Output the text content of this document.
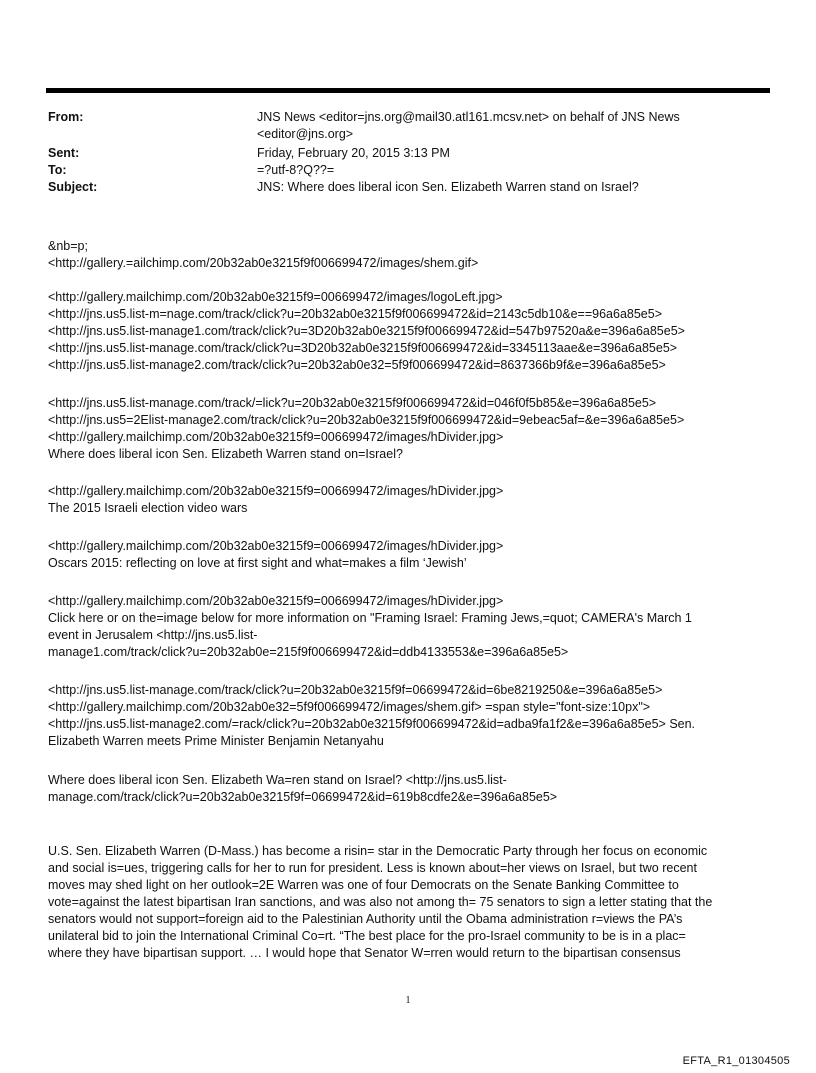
From:	JNS News <editor=jns.org@mail30.atl161.mcsv.net> on behalf of JNS News
<editor@jns.org>
Sent:	Friday, February 20, 2015 3:13 PM
To:	=?utf-8?Q??=
Subject:	JNS: Where does liberal icon Sen. Elizabeth Warren stand on Israel?
&nb=p;
<http://gallery.=ailchimp.com/20b32ab0e3215f9f006699472/images/shem.gif>
<http://gallery.mailchimp.com/20b32ab0e3215f9=006699472/images/logoLeft.jpg>
<http://jns.us5.list-m=nage.com/track/click?u=20b32ab0e3215f9f006699472&id=2143c5db10&e==96a6a85e5>
<http://jns.us5.list-manage1.com/track/click?u=3D20b32ab0e3215f9f006699472&id=547b97520a&e=396a6a85e5>
<http://jns.us5.list-manage.com/track/click?u=3D20b32ab0e3215f9f006699472&id=3345113aae&e=396a6a85e5>
<http://jns.us5.list-manage2.com/track/click?u=20b32ab0e32=5f9f006699472&id=8637366b9f&e=396a6a85e5>
<http://jns.us5.list-manage.com/track/=lick?u=20b32ab0e3215f9f006699472&id=046f0f5b85&e=396a6a85e5>
<http://jns.us5=2Elist-manage2.com/track/click?u=20b32ab0e3215f9f006699472&id=9ebeac5af=&e=396a6a85e5>
<http://gallery.mailchimp.com/20b32ab0e3215f9=006699472/images/hDivider.jpg>
Where does liberal icon Sen. Elizabeth Warren stand on=Israel?
<http://gallery.mailchimp.com/20b32ab0e3215f9=006699472/images/hDivider.jpg>
The 2015 Israeli election video wars
<http://gallery.mailchimp.com/20b32ab0e3215f9=006699472/images/hDivider.jpg>
Oscars 2015: reflecting on love at first sight and what=makes a film ‘Jewish’
<http://gallery.mailchimp.com/20b32ab0e3215f9=006699472/images/hDivider.jpg>
Click here or on the=image below for more information on "Framing Israel: Framing Jews,=quot; CAMERA's March 1
event in Jerusalem <http://jns.us5.list-
manage1.com/track/click?u=20b32ab0e=215f9f006699472&id=ddb4133553&e=396a6a85e5>
<http://jns.us5.list-manage.com/track/click?u=20b32ab0e3215f9f=06699472&id=6be8219250&e=396a6a85e5>
<http://gallery.mailchimp.com/20b32ab0e32=5f9f006699472/images/shem.gif> =span style="font-size:10px">
<http://jns.us5.list-manage2.com/=rack/click?u=20b32ab0e3215f9f006699472&id=adba9fa1f2&e=396a6a85e5> Sen.
Elizabeth Warren meets Prime Minister Benjamin Netanyahu
Where does liberal icon Sen. Elizabeth Wa=ren stand on Israel? <http://jns.us5.list-
manage.com/track/click?u=20b32ab0e3215f9f=06699472&id=619b8cdfe2&e=396a6a85e5>
U.S. Sen. Elizabeth Warren (D-Mass.) has become a risin= star in the Democratic Party through her focus on economic
and social is=ues, triggering calls for her to run for president. Less is known about=her views on Israel, but two recent
moves may shed light on her outlook=2E Warren was one of four Democrats on the Senate Banking Committee to
vote=against the latest bipartisan Iran sanctions, and was also not among th= 75 senators to sign a letter stating that the
senators would not support=foreign aid to the Palestinian Authority until the Obama administration r=views the PA’s
unilateral bid to join the International Criminal Co=rt. “The best place for the pro-Israel community to be is in a plac=
where they have bipartisan support. … I would hope that Senator W=rren would return to the bipartisan consensus
1
EFTA_R1_01304505
